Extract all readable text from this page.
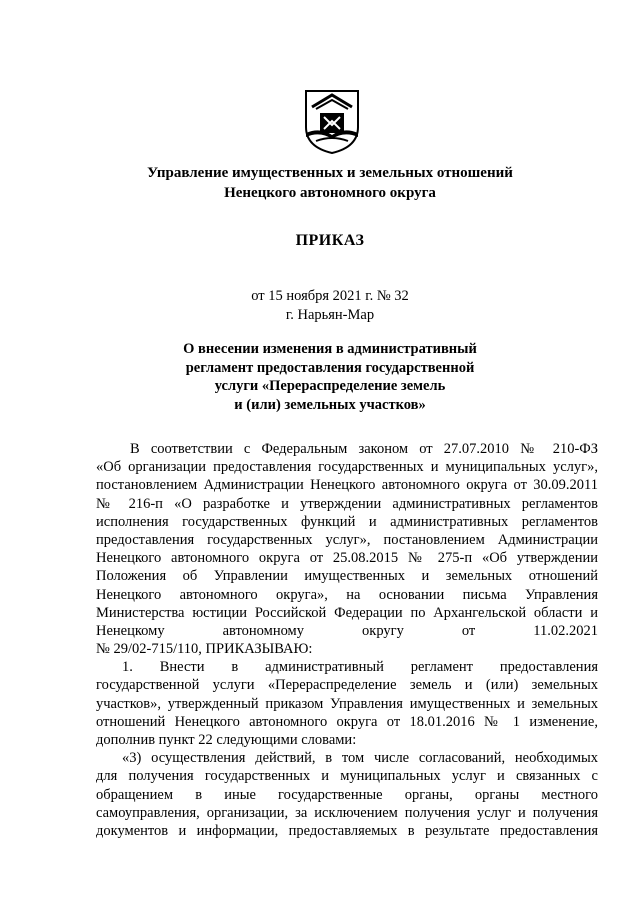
Управление имущественных и земельных отношений
Ненецкого автономного округа
ПРИКАЗ
от 15 ноября 2021 г. № 32
г. Нарьян-Мар
О внесении изменения в административный
регламент предоставления государственной
услуги «Перераспределение земель
и (или) земельных участков»
В соответствии с Федеральным законом от 27.07.2010 № 210-ФЗ
«Об организации предоставления государственных и муниципальных услуг»,
постановлением Администрации Ненецкого автономного округа от 30.09.2011
№ 216-п «О разработке и утверждении административных регламентов
исполнения государственных функций и административных регламентов
предоставления государственных услуг», постановлением Администрации
Ненецкого автономного округа от 25.08.2015 № 275-п «Об утверждении
Положения об Управлении имущественных и земельных отношений
Ненецкого автономного округа», на основании письма Управления
Министерства юстиции Российской Федерации по Архангельской области и
Ненецкому автономному округу от 11.02.2021
№ 29/02-715/110, ПРИКАЗЫВАЮ:
1. Внести в административный регламент предоставления
государственной услуги «Перераспределение земель и (или) земельных
участков», утвержденный приказом Управления имущественных и земельных
отношений Ненецкого автономного округа от 18.01.2016 № 1 изменение,
дополнив пункт 22 следующими словами:
«3) осуществления действий, в том числе согласований, необходимых
для получения государственных и муниципальных услуг и связанных с
обращением в иные государственные органы, органы местного
самоуправления, организации, за исключением получения услуг и получения
документов и информации, предоставляемых в результате предоставления
